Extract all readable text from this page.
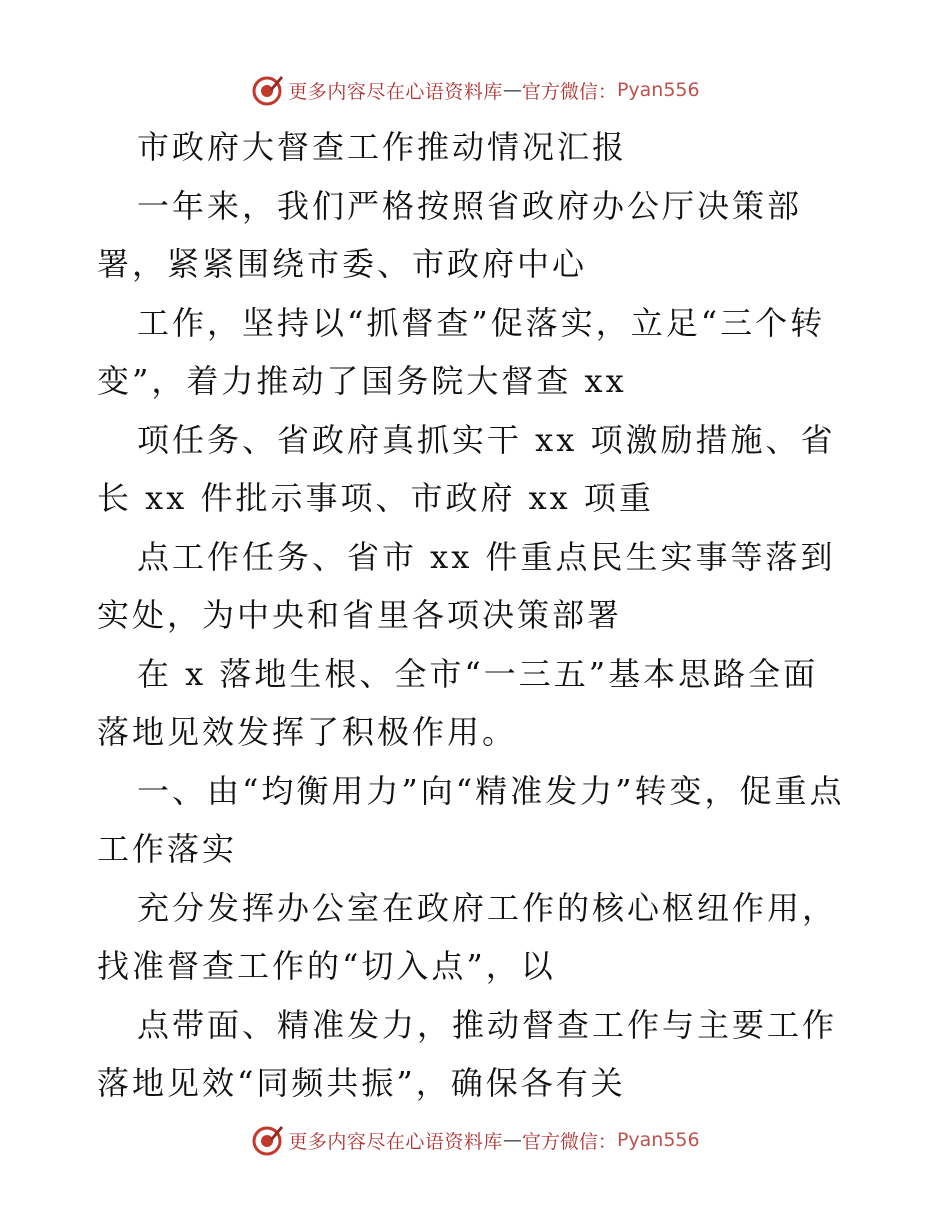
更多内容尽在心语资料库 — 官方微信： Pyan556

市政府大督查工作推动情况汇报

一年来，我们严格按照省政府办公厅决策部署，紧紧围绕市委、市政府中心

工作，坚持以“抓督查”促落实，立足“三个转变”，着力推动了国务院大督查 xx

项任务、省政府真抓实干 xx 项激励措施、省长 xx 件批示事项、市政府 xx 项重

点工作任务、省市 xx 件重点民生实事等落到实处，为中央和省里各项决策部署

在 x 落地生根、全市“一三五”基本思路全面落地见效发挥了积极作用。

一、由“均衡用力”向“精准发力”转变，促重点工作落实

充分发挥办公室在政府工作的核心枢纽作用，找准督查工作的“切入点”，以

点带面、精准发力，推动督查工作与主要工作落地见效“同频共振”，确保各有关

更多内容尽在心语资料库 — 官方微信： Pyan556
